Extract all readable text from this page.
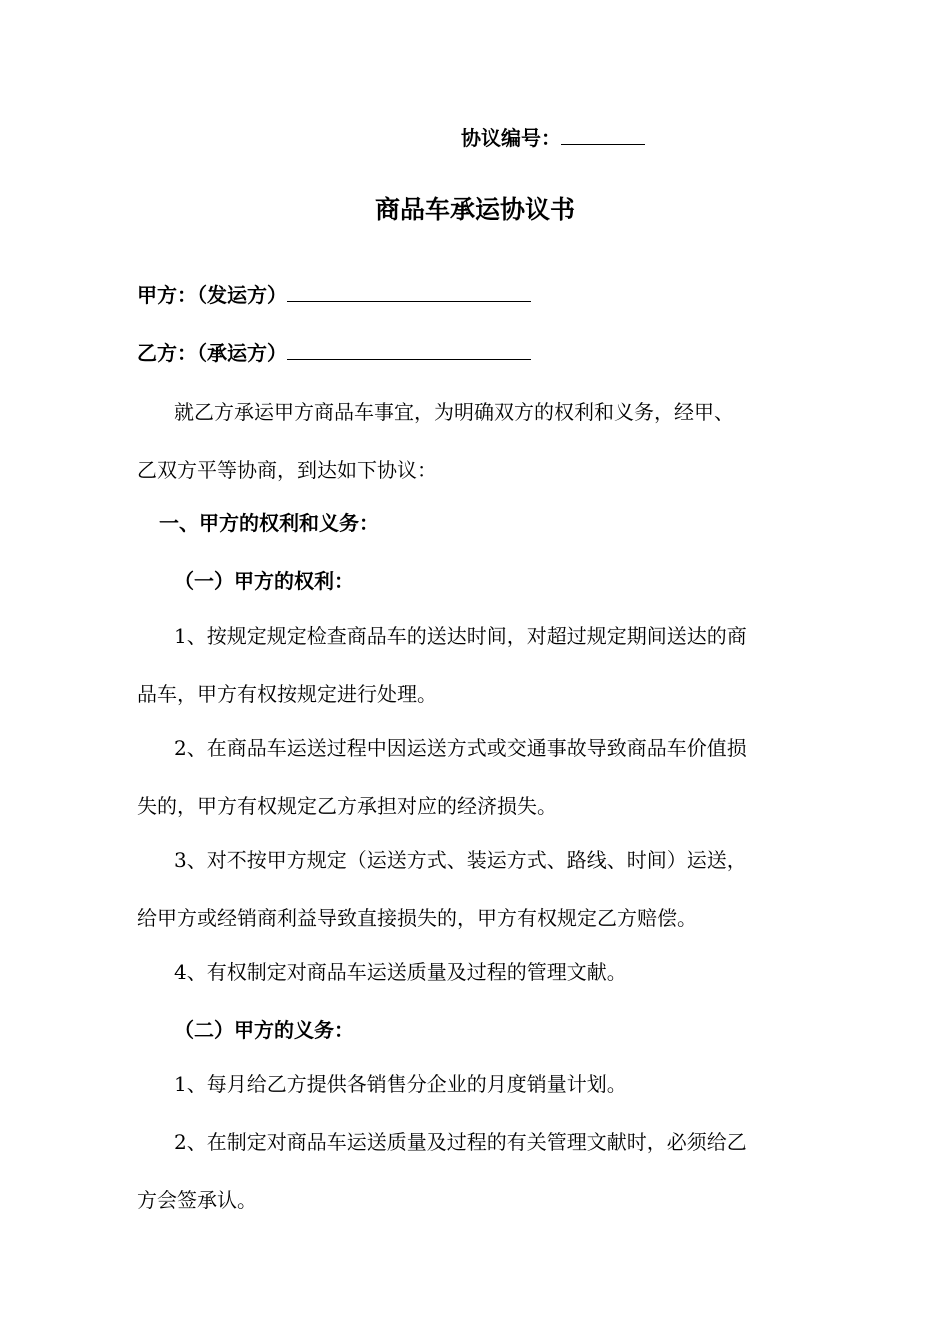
协议编号：
商品车承运协议书
甲方：（发运方）
乙方：（承运方）
就乙方承运甲方商品车事宜，为明确双方的权利和义务，经甲、
乙双方平等协商，到达如下协议：
一、甲方的权利和义务：
（一）甲方的权利：
1、按规定规定检查商品车的送达时间，对超过规定期间送达的商
品车，甲方有权按规定进行处理。
2、在商品车运送过程中因运送方式或交通事故导致商品车价值损
失的，甲方有权规定乙方承担对应的经济损失。
3、对不按甲方规定（运送方式、装运方式、路线、时间）运送，
给甲方或经销商利益导致直接损失的，甲方有权规定乙方赔偿。
4、有权制定对商品车运送质量及过程的管理文献。
（二）甲方的义务：
1、每月给乙方提供各销售分企业的月度销量计划。
2、在制定对商品车运送质量及过程的有关管理文献时，必须给乙
方会签承认。
